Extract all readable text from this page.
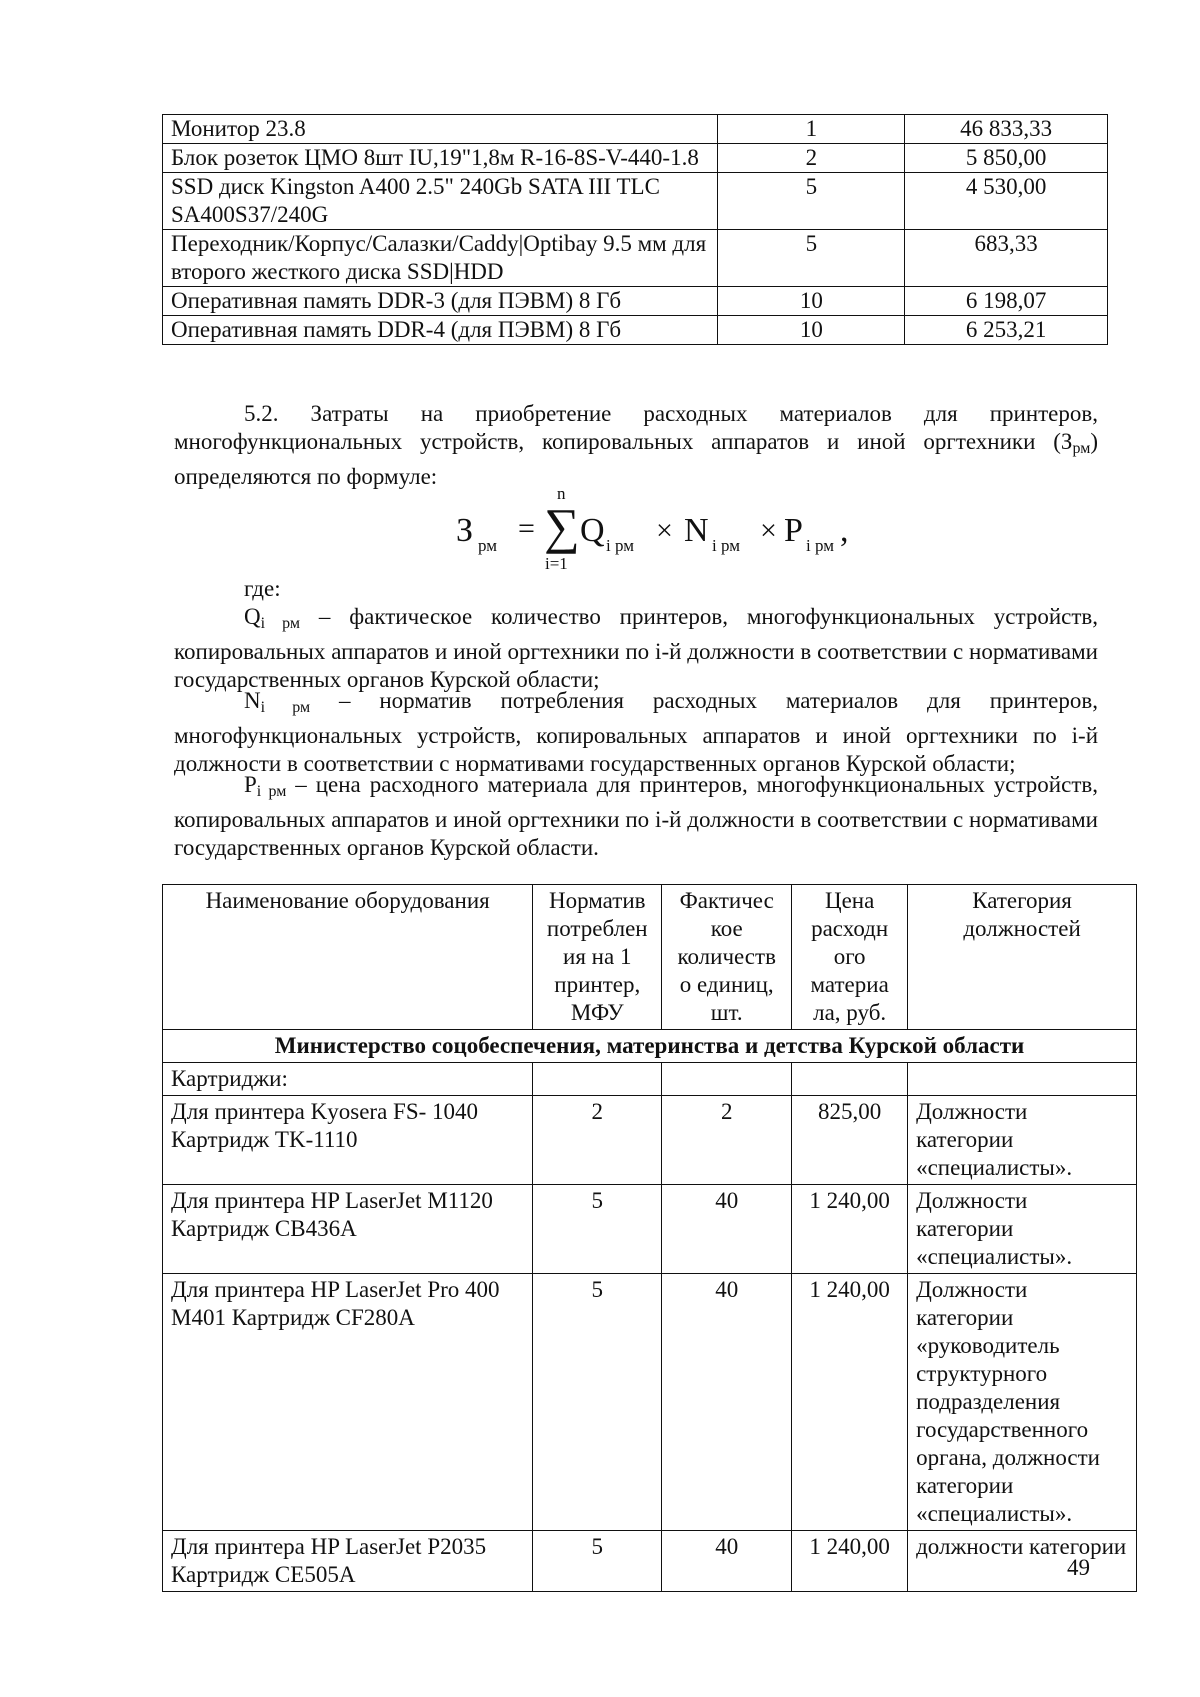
Монитор 23.8	1	46 833,33
Блок розеток ЦМО 8шт IU,19"1,8м R-16-8S-V-440-1.8	2	5 850,00
SSD диск Kingston A400 2.5" 240Gb SATA III TLC SA400S37/240G	5	4 530,00
Переходник/Корпус/Салазки/Caddy|Optibay 9.5 мм для второго жесткого диска SSD|HDD	5	683,33
Оперативная память DDR-3 (для ПЭВМ) 8 Гб	10	6 198,07
Оперативная память DDR-4 (для ПЭВМ) 8 Гб	10	6 253,21
5.2. Затраты на приобретение расходных материалов для принтеров, многофункциональных устройств, копировальных аппаратов и иной оргтехники $(З_{рм})$ определяются по формуле:
З рм
=
n
∑
i=1
Q i рм × N i рм × P i рм ,
где:
$Q_{i рм}$ – фактическое количество принтеров, многофункциональных устройств, копировальных аппаратов и иной оргтехники по i-й должности в соответствии с нормативами государственных органов Курской области;
$N_{i рм}$ – норматив потребления расходных материалов для принтеров, многофункциональных устройств, копировальных аппаратов и иной оргтехники по i-й должности в соответствии с нормативами государственных органов Курской области;
$P_{i рм}$ – цена расходного материала для принтеров, многофункциональных устройств, копировальных аппаратов и иной оргтехники по i-й должности в соответствии с нормативами государственных органов Курской области.
Наименование оборудования	Норматив потреблен ия на 1 принтер, МФУ	Фактичес кое количеств о единиц, шт.	Цена расходн ого материа ла, руб.	Категория должностей
Министерство соцобеспечения, материнства и детства Курской области				
Картриджи:				
Для принтера Kyosera FS- 1040 Картридж TK-1110	2	2	825,00	Должности категории «специалисты».
Для принтера HP LaserJet M1120 Картридж CB436A	5	40	1 240,00	Должности категории «специалисты».
Для принтера HP LaserJet Pro 400 M401 Картридж CF280A	5	40	1 240,00	Должности категории «руководитель структурного подразделения государственного органа, должности категории «специалисты».
Для принтера HP LaserJet P2035 Картридж CE505A	5	40	1 240,00	должности категории
49
